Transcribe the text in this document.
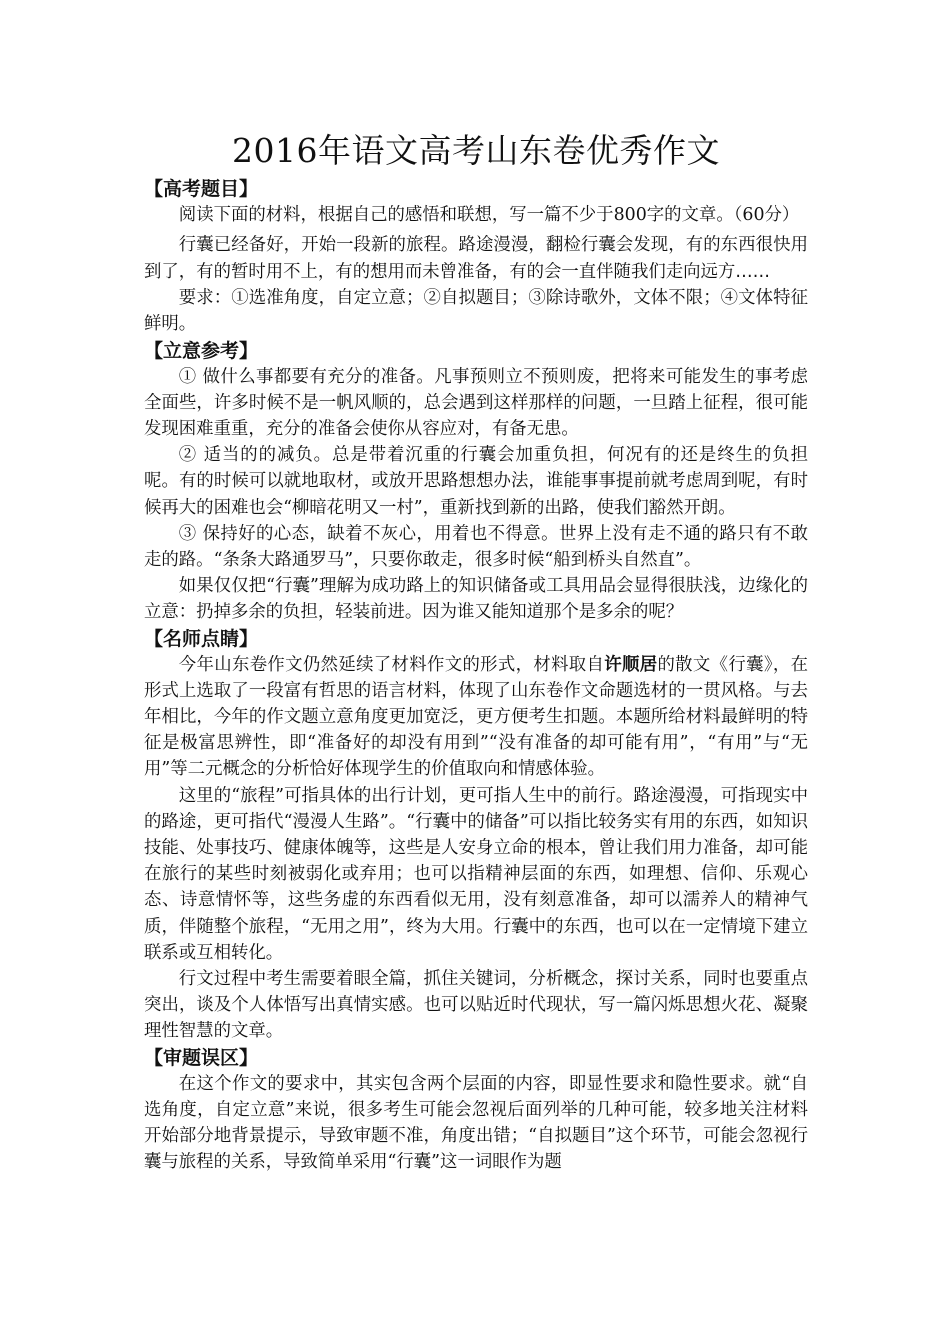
2016年语文高考山东卷优秀作文
【高考题目】

阅读下面的材料，根据自己的感悟和联想，写一篇不少于800字的文章。（60分）

行囊已经备好，开始一段新的旅程。路途漫漫，翻检行囊会发现，有的东西很快用到了，有的暂时用不上，有的想用而未曾准备，有的会一直伴随我们走向远方……

要求：①选准角度，自定立意；②自拟题目；③除诗歌外，文体不限；④文体特征鲜明。

【立意参考】

① 做什么事都要有充分的准备。凡事预则立不预则废，把将来可能发生的事考虑全面些，许多时候不是一帆风顺的，总会遇到这样那样的问题，一旦踏上征程，很可能发现困难重重，充分的准备会使你从容应对，有备无患。

② 适当的的减负。总是带着沉重的行囊会加重负担，何况有的还是终生的负担呢。有的时候可以就地取材，或放开思路想想办法，谁能事事提前就考虑周到呢，有时候再大的困难也会“柳暗花明又一村”，重新找到新的出路，使我们豁然开朗。

③ 保持好的心态，缺着不灰心，用着也不得意。世界上没有走不通的路只有不敢走的路。“条条大路通罗马”，只要你敢走，很多时候“船到桥头自然直”。

如果仅仅把“行囊”理解为成功路上的知识储备或工具用品会显得很肤浅，边缘化的立意：扔掉多余的负担，轻装前进。因为谁又能知道那个是多余的呢？

【名师点睛】

今年山东卷作文仍然延续了材料作文的形式，材料取自许顺居的散文《行囊》，在形式上选取了一段富有哲思的语言材料，体现了山东卷作文命题选材的一贯风格。与去年相比，今年的作文题立意角度更加宽泛，更方便考生扣题。本题所给材料最鲜明的特征是极富思辨性，即“准备好的却没有用到”“没有准备的却可能有用”，“有用”与“无用”等二元概念的分析恰好体现学生的价值取向和情感体验。

这里的“旅程”可指具体的出行计划，更可指人生中的前行。路途漫漫，可指现实中的路途，更可指代“漫漫人生路”。“行囊中的储备”可以指比较务实有用的东西，如知识技能、处事技巧、健康体魄等，这些是人安身立命的根本，曾让我们用力准备，却可能在旅行的某些时刻被弱化或弃用；也可以指精神层面的东西，如理想、信仰、乐观心态、诗意情怀等，这些务虚的东西看似无用，没有刻意准备，却可以濡养人的精神气质，伴随整个旅程，“无用之用”，终为大用。行囊中的东西，也可以在一定情境下建立联系或互相转化。

行文过程中考生需要着眼全篇，抓住关键词，分析概念，探讨关系，同时也要重点突出，谈及个人体悟写出真情实感。也可以贴近时代现状，写一篇闪烁思想火花、凝聚理性智慧的文章。

【审题误区】

在这个作文的要求中，其实包含两个层面的内容，即显性要求和隐性要求。就“自选角度，自定立意”来说，很多考生可能会忽视后面列举的几种可能，较多地关注材料开始部分地背景提示，导致审题不准，角度出错；“自拟题目”这个环节，可能会忽视行囊与旅程的关系，导致简单采用“行囊”这一词眼作为题
